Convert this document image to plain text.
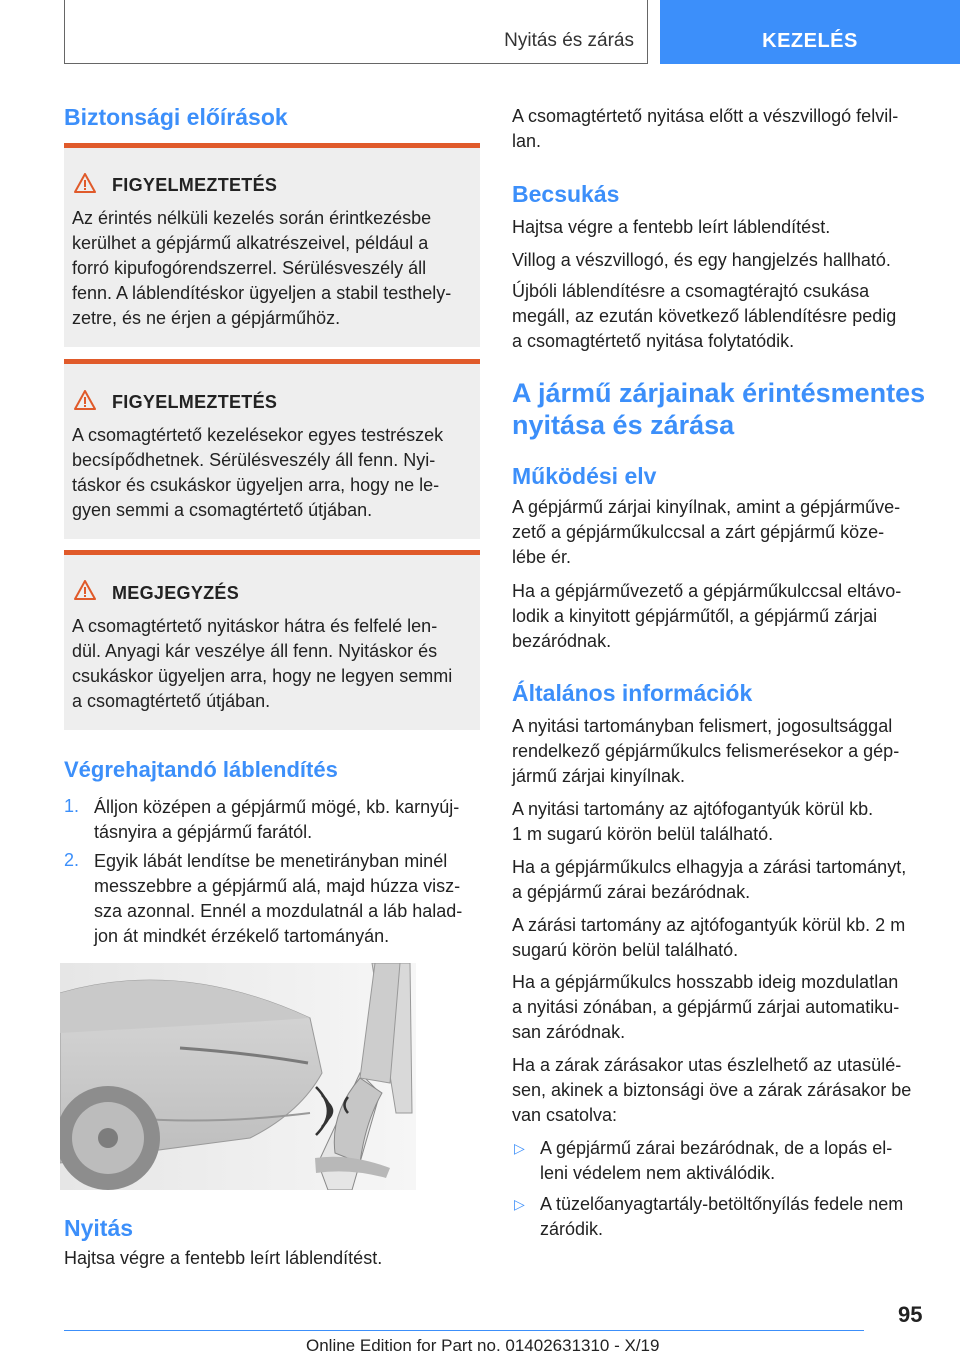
Nyitás és zárás	KEZELÉS
Biztonsági előírások
FIGYELMEZTETÉS
Az érintés nélküli kezelés során érintkezésbe
kerülhet a gépjármű alkatrészeivel, például a
forró kipufogórendszerrel. Sérülésveszély áll
fenn. A láblendítéskor ügyeljen a stabil testhely-
zetre, és ne érjen a gépjárműhöz.
FIGYELMEZTETÉS
A csomagtértető kezelésekor egyes testrészek
becsípődhetnek. Sérülésveszély áll fenn. Nyi-
táskor és csukáskor ügyeljen arra, hogy ne le-
gyen semmi a csomagtértető útjában.
MEGJEGYZÉS
A csomagtértető nyitáskor hátra és felfelé len-
dül. Anyagi kár veszélye áll fenn. Nyitáskor és
csukáskor ügyeljen arra, hogy ne legyen semmi
a csomagtértető útjában.
Végrehajtandó láblendítés
1. Álljon középen a gépjármű mögé, kb. karnyúj-
tásnyira a gépjármű farától.
2. Egyik lábát lendítse be menetirányban minél
messzebbre a gépjármű alá, majd húzza visz-
sza azonnal. Ennél a mozdulatnál a láb halad-
jon át mindkét érzékelő tartományán.
Nyitás
Hajtsa végre a fentebb leírt láblendítést.
A csomagtértető nyitása előtt a vészvillogó felvil-
lan.
Becsukás
Hajtsa végre a fentebb leírt láblendítést.
Villog a vészvillogó, és egy hangjelzés hallható.
Újbóli láblendítésre a csomagtérajtó csukása
megáll, az ezután következő láblendítésre pedig
a csomagtértető nyitása folytatódik.
A jármű zárjainak érintésmentes
nyitása és zárása
Működési elv
A gépjármű zárjai kinyílnak, amint a gépjárműve-
zető a gépjárműkulccsal a zárt gépjármű köze-
lébe ér.
Ha a gépjárművezető a gépjárműkulccsal eltávo-
lodik a kinyitott gépjárműtől, a gépjármű zárjai
bezáródnak.
Általános információk
A nyitási tartományban felismert, jogosultsággal
rendelkező gépjárműkulcs felismerésekor a gép-
jármű zárjai kinyílnak.
A nyitási tartomány az ajtófogantyúk körül kb.
1 m sugarú körön belül található.
Ha a gépjárműkulcs elhagyja a zárási tartományt,
a gépjármű zárai bezáródnak.
A zárási tartomány az ajtófogantyúk körül kb. 2 m
sugarú körön belül található.
Ha a gépjárműkulcs hosszabb ideig mozdulatlan
a nyitási zónában, a gépjármű zárjai automatiku-
san záródnak.
Ha a zárak zárásakor utas észlelhető az utasülé-
sen, akinek a biztonsági öve a zárak zárásakor be
van csatolva:
▷ A gépjármű zárai bezáródnak, de a lopás el-
leni védelem nem aktiválódik.
▷ A tüzelőanyagtartály-betöltőnyílás fedele nem
záródik.
95
Online Edition for Part no. 01402631310 - X/19
